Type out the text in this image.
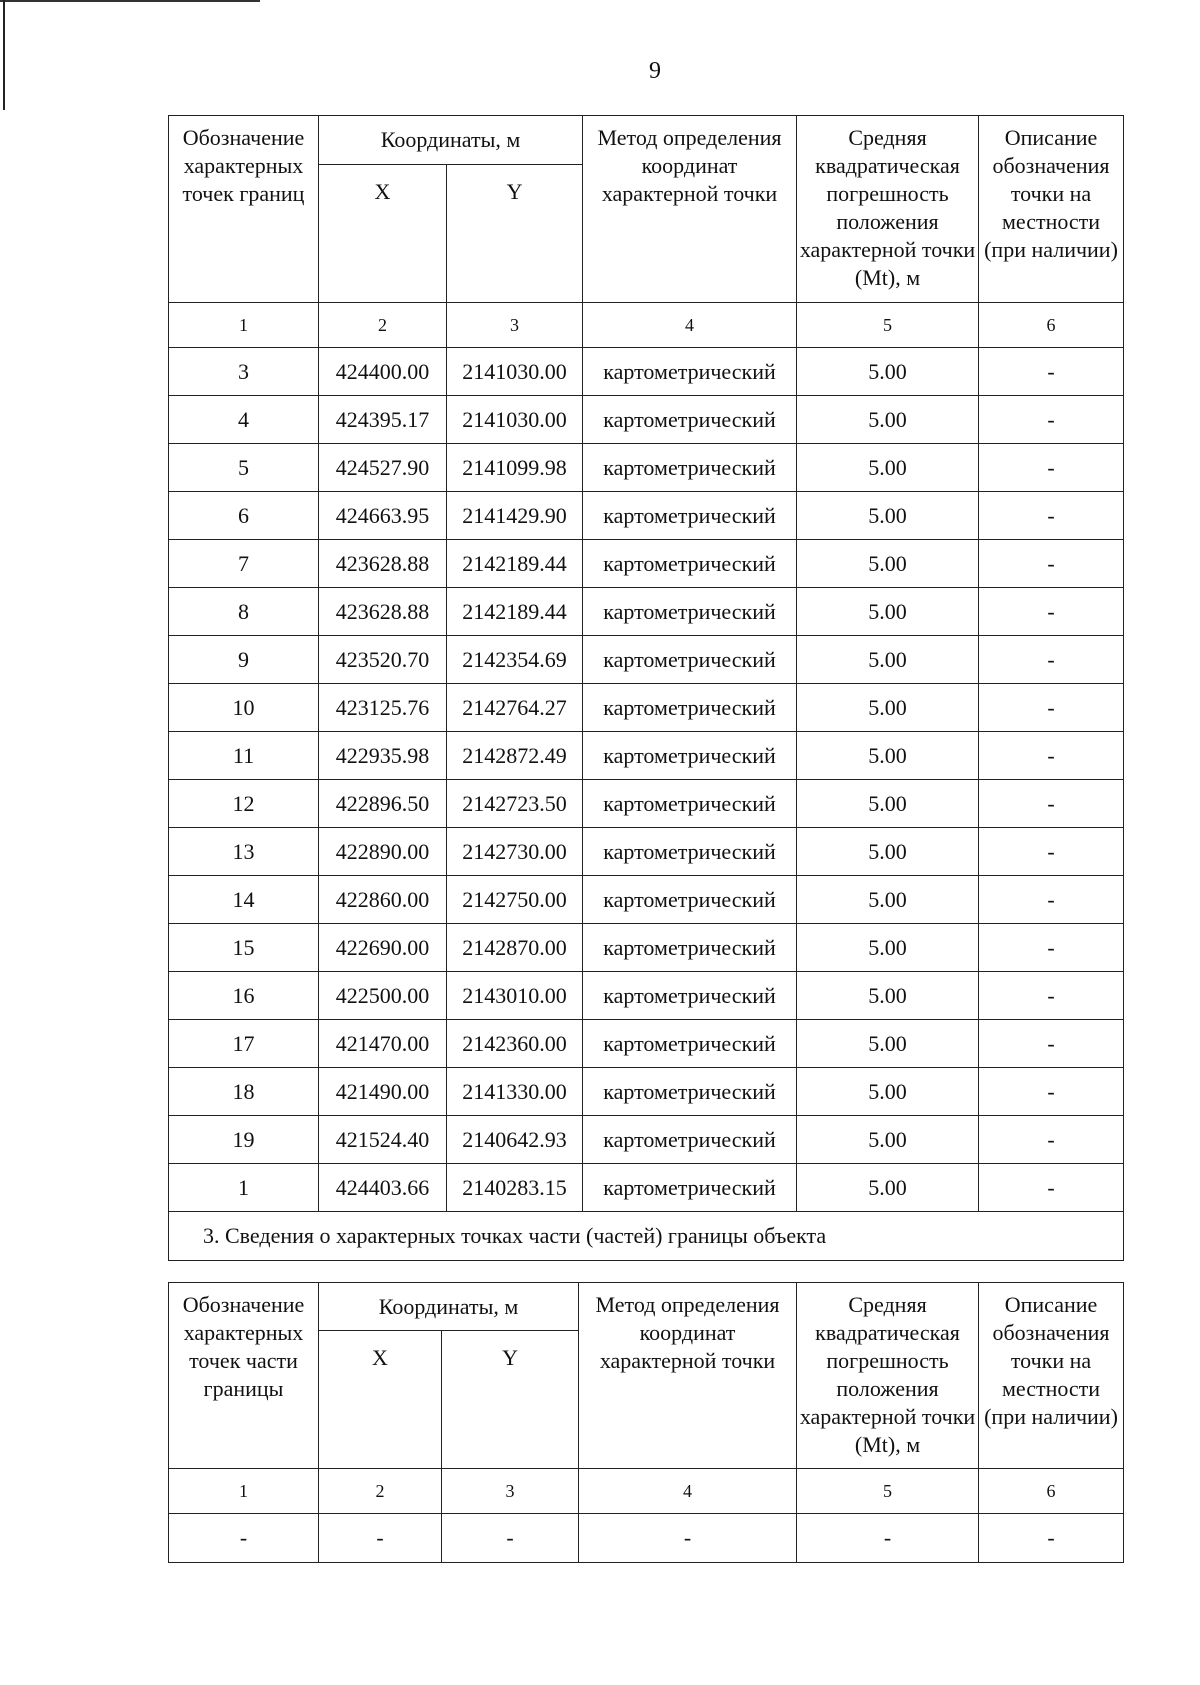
9
Обозначение характерных точек границ	Координаты, м		Метод определения координат характерной точки	Средняя квадратическая погрешность положения характерной точки (Mt), м	Описание обозначения точки на местности (при наличии)
	X	Y			
1	2	3	4	5	6
3	424400.00	2141030.00	картометрический	5.00	-
4	424395.17	2141030.00	картометрический	5.00	-
5	424527.90	2141099.98	картометрический	5.00	-
6	424663.95	2141429.90	картометрический	5.00	-
7	423628.88	2142189.44	картометрический	5.00	-
8	423628.88	2142189.44	картометрический	5.00	-
9	423520.70	2142354.69	картометрический	5.00	-
10	423125.76	2142764.27	картометрический	5.00	-
11	422935.98	2142872.49	картометрический	5.00	-
12	422896.50	2142723.50	картометрический	5.00	-
13	422890.00	2142730.00	картометрический	5.00	-
14	422860.00	2142750.00	картометрический	5.00	-
15	422690.00	2142870.00	картометрический	5.00	-
16	422500.00	2143010.00	картометрический	5.00	-
17	421470.00	2142360.00	картометрический	5.00	-
18	421490.00	2141330.00	картометрический	5.00	-
19	421524.40	2140642.93	картометрический	5.00	-
1	424403.66	2140283.15	картометрический	5.00	-
3. Сведения о характерных точках части (частей) границы объекта					
Обозначение характерных точек части границы	Координаты, м		Метод определения координат характерной точки	Средняя квадратическая погрешность положения характерной точки (Mt), м	Описание обозначения точки на местности (при наличии)
	X	Y			
1	2	3	4	5	6
-	-	-	-	-	-
